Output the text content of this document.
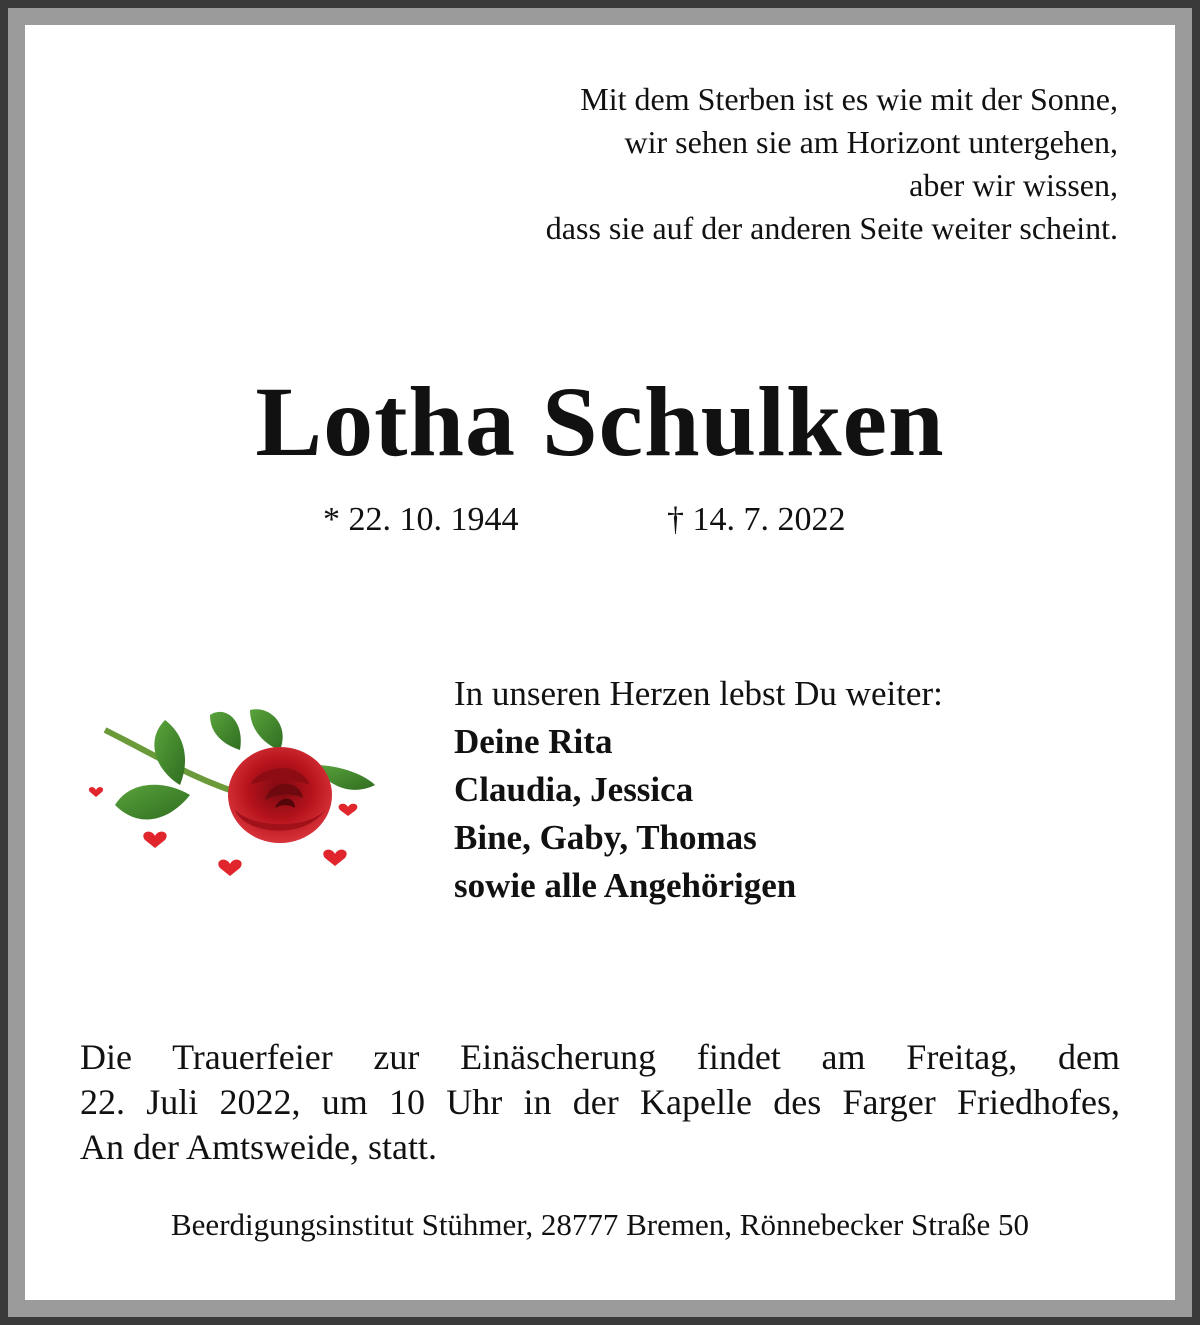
Mit dem Sterben ist es wie mit der Sonne,
wir sehen sie am Horizont untergehen,
aber wir wissen,
dass sie auf der anderen Seite weiter scheint.
Lotha Schulken
* 22. 10. 1944	† 14. 7. 2022
In unseren Herzen lebst Du weiter:
Deine Rita
Claudia, Jessica
Bine, Gaby, Thomas
sowie alle Angehörigen
Die Trauerfeier zur Einäscherung findet am Freitag, dem
22. Juli 2022, um 10 Uhr in der Kapelle des Farger Friedhofes,
An der Amtsweide, statt.
Beerdigungsinstitut Stühmer, 28777 Bremen, Rönnebecker Straße 50
